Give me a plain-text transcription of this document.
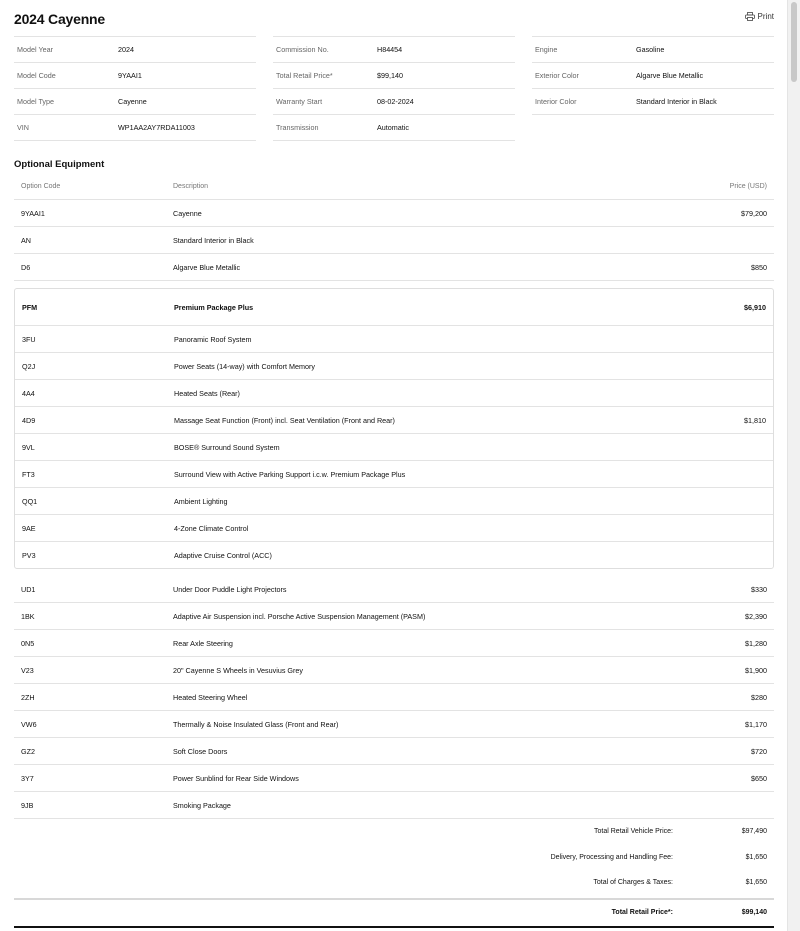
2024 Cayenne	Print
Model Year	2024
Model Code	9YAAI1
Model Type	Cayenne
VIN	WP1AA2AY7RDA11003
Commission No.	H84454
Total Retail Price*	$99,140
Warranty Start	08-02-2024
Transmission	Automatic
Engine	Gasoline
Exterior Color	Algarve Blue Metallic
Interior Color	Standard Interior in Black
Optional Equipment
Option Code	Description	Price (USD)
9YAAI1	Cayenne	$79,200
AN	Standard Interior in Black
D6	Algarve Blue Metallic	$850
PFM	Premium Package Plus	$6,910
3FU	Panoramic Roof System
Q2J	Power Seats (14-way) with Comfort Memory
4A4	Heated Seats (Rear)
4D9	Massage Seat Function (Front) incl. Seat Ventilation (Front and Rear)	$1,810
9VL	BOSE® Surround Sound System
FT3	Surround View with Active Parking Support i.c.w. Premium Package Plus
QQ1	Ambient Lighting
9AE	4-Zone Climate Control
PV3	Adaptive Cruise Control (ACC)
UD1	Under Door Puddle Light Projectors	$330
1BK	Adaptive Air Suspension incl. Porsche Active Suspension Management (PASM)	$2,390
0N5	Rear Axle Steering	$1,280
V23	20" Cayenne S Wheels in Vesuvius Grey	$1,900
2ZH	Heated Steering Wheel	$280
VW6	Thermally & Noise Insulated Glass (Front and Rear)	$1,170
GZ2	Soft Close Doors	$720
3Y7	Power Sunblind for Rear Side Windows	$650
9JB	Smoking Package
Total Retail Vehicle Price:	$97,490
Delivery, Processing and Handling Fee:	$1,650
Total of Charges & Taxes:	$1,650
Total Retail Price*:	$99,140
